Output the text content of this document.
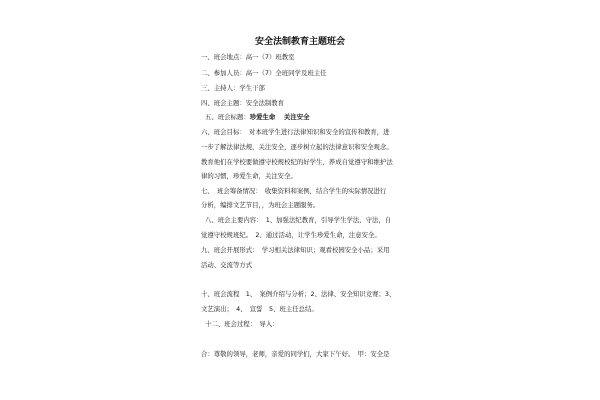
安全法制教育主题班会
一、班会地点：高一（7）班教室
二、参加人员：高一（7）全班同学及班主任
三、主持人：学生干部
四、班会主题：安全法制教育
五、班会标题：珍爱生命　 关注安全
六、班会目标：　对本班学生进行法律知识和安全的宣传和教育，进
一步了解法律法规，关注安全，逐步树立起的法律意识和安全观念。
教育他们在学校要做遵守校规校纪的好学生，养成自觉遵守和维护法
律的习惯，珍爱生命，关注安全。
七、　班会筹备情况：　收集资料和案例，结合学生的实际情况进行
分析，编排文艺节目，，为班会主题服务。
八、班会主要内容：　1、加强法纪教育，引导学生学法、守法，自
觉遵守校规班纪。　2、通过活动，让学生珍爱生命，注意安全。
九、班会开展形式：　学习相关法律知识；观看校园安全小品；采用
活动、交流等方式
十、班会流程　1、　案例介绍与分析；2、法律、安全知识竞赛；3、
文艺演出；　4、　宣誓　5、班主任总结。
十二、班会过程：　导入：
合：尊敬的领导，老师，亲爱的同学们，大家下午好。　甲：安全是
